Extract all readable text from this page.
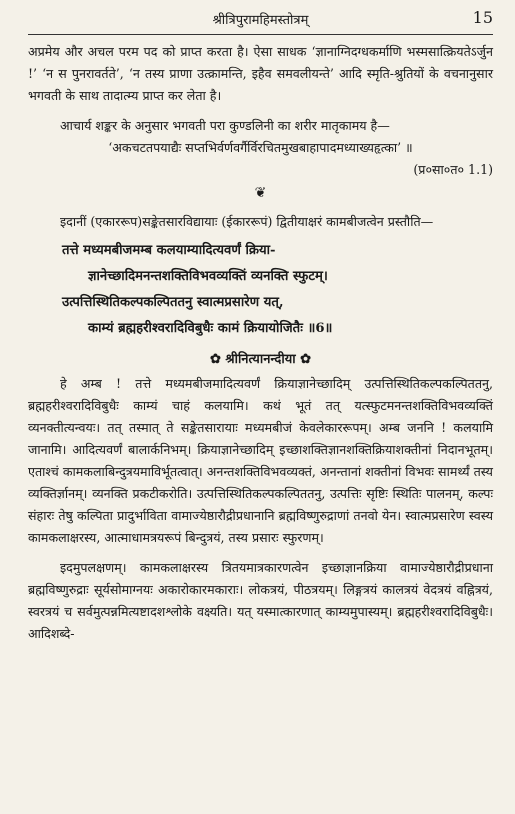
श्रीत्रिपुरामहिमस्तोत्रम्	15

अप्रमेय और अचल परम पद को प्राप्त करता है। ऐसा साधक ‘ज्ञानाग्निदग्धकर्माणि भस्मसात्क्रियतेऽर्जुन !’ ‘न स पुनरावर्तते’, ‘न तस्य प्राणा उत्क्रामन्ति, इहैव समवलीयन्ते’ आदि स्मृति-श्रुतियों के वचनानुसार भगवती के साथ तादात्म्य प्राप्त कर लेता है।

आचार्य शङ्कर के अनुसार भगवती परा कुण्डलिनी का शरीर मातृकामय है—

‘अकचटतपयाद्यैः सप्तभिर्वर्णवर्गैर्विरचितमुखबाहापादमध्याख्यहृत्का’ ॥

(प्र०सा०त० 1.1)

❦

इदानीं (एकाररूप)सङ्केतसारविद्यायाः (ईकाररूपं) द्वितीयाक्षरं कामबीजत्वेन प्रस्तौति—

तत्ते मध्यमबीजमम्ब कलयाम्यादित्यवर्णं क्रिया-

ज्ञानेच्छादिमनन्तशक्तिविभवव्यक्तिं व्यनक्ति स्फुटम्।

उत्पत्तिस्थितिकल्पकल्पिततनु स्वात्मप्रसारेण यत्,

काम्यं ब्रह्महरीश्वरादिविबुधैः कामं क्रियायोजितैः ॥6॥

✿ श्रीनित्यानन्दीया ✿

हे अम्ब ! तत्ते मध्यमबीजमादित्यवर्णं क्रियाज्ञानेच्छादिम् उत्पत्तिस्थितिकल्पकल्पिततनु, ब्रह्महरीश्वरादिविबुधैः काम्यं चाहं कलयामि। कथं भूतं तत् यत्स्फुटमनन्तशक्तिविभवव्यक्तिं व्यनक्तीत्यन्वयः। तत् तस्मात् ते सङ्केतसारायाः मध्यमबीजं केवलेकाररूपम्। अम्ब जननि ! कलयामि जानामि। आदित्यवर्णं बालार्कनिभम्। क्रियाज्ञानेच्छादिम् इच्छाशक्तिज्ञानशक्तिक्रियाशक्तीनां निदानभूतम्। एताश्चं कामकलाबिन्दुत्रयमाविर्भूतत्वात्। अनन्तशक्तिविभवव्यक्तं, अनन्तानां शक्तीनां विभवः सामर्थ्यं तस्य व्यक्तिर्ज्ञानम्। व्यनक्ति प्रकटीकरोति। उत्पत्तिस्थितिकल्पकल्पिततनु, उत्पत्तिः सृष्टिः स्थितिः पालनम्, कल्पः संहारः तेषु कल्पिता प्रादुर्भाविता वामाज्येष्ठारौद्रीप्रधानानि ब्रह्मविष्णुरुद्राणां तनवो येन। स्वात्मप्रसारेण स्वस्य कामकलाक्षरस्य, आत्माधामत्रयरूपं बिन्दुत्रयं, तस्य प्रसारः स्फुरणम्।

इदमुपलक्षणम्। कामकलाक्षरस्य त्रितयमात्रकारणत्वेन इच्छाज्ञानक्रिया वामाज्येष्ठारौद्रीप्रधाना ब्रह्मविष्णुरुद्राः सूर्यसोमाग्नयः अकारोकारमकाराः। लोकत्रयं, पीठत्रयम्। लिङ्गत्रयं कालत्रयं वेदत्रयं वह्नित्रयं, स्वरत्रयं च सर्वमुत्पन्नमित्यष्टादशश्लोके वक्ष्यति। यत् यस्मात्कारणात् काम्यमुपास्यम्। ब्रह्महरीश्वरादिविबुधैः। आदिशब्दे-
